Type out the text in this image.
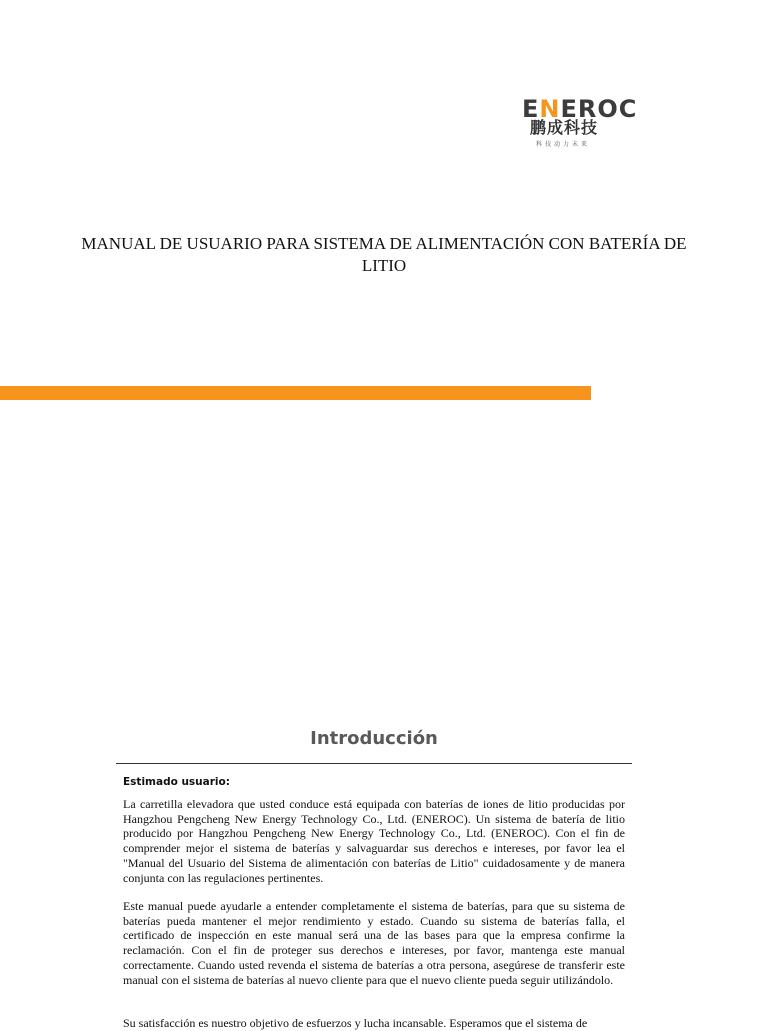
ENEROC
鹏成科技
科技动力未来
MANUAL DE USUARIO PARA SISTEMA DE ALIMENTACIÓN CON BATERÍA DE LITIO
Introducción

Estimado usuario:

La carretilla elevadora que usted conduce está equipada con baterías de iones de litio producidas por Hangzhou Pengcheng New Energy Technology Co., Ltd. (ENEROC). Un sistema de batería de litio producido por Hangzhou Pengcheng New Energy Technology Co., Ltd. (ENEROC). Con el fin de comprender mejor el sistema de baterías y salvaguardar sus derechos e intereses, por favor lea el "Manual del Usuario del Sistema de alimentación con baterías de Litio" cuidadosamente y de manera conjunta con las regulaciones pertinentes.

Este manual puede ayudarle a entender completamente el sistema de baterías, para que su sistema de baterías pueda mantener el mejor rendimiento y estado. Cuando su sistema de baterías falla, el certificado de inspección en este manual será una de las bases para que la empresa confirme la reclamación. Con el fin de proteger sus derechos e intereses, por favor, mantenga este manual correctamente. Cuando usted revenda el sistema de baterías a otra persona, asegúrese de transferir este manual con el sistema de baterías al nuevo cliente para que el nuevo cliente pueda seguir utilizándolo.

Su satisfacción es nuestro objetivo de esfuerzos y lucha incansable. Esperamos que el sistema de
